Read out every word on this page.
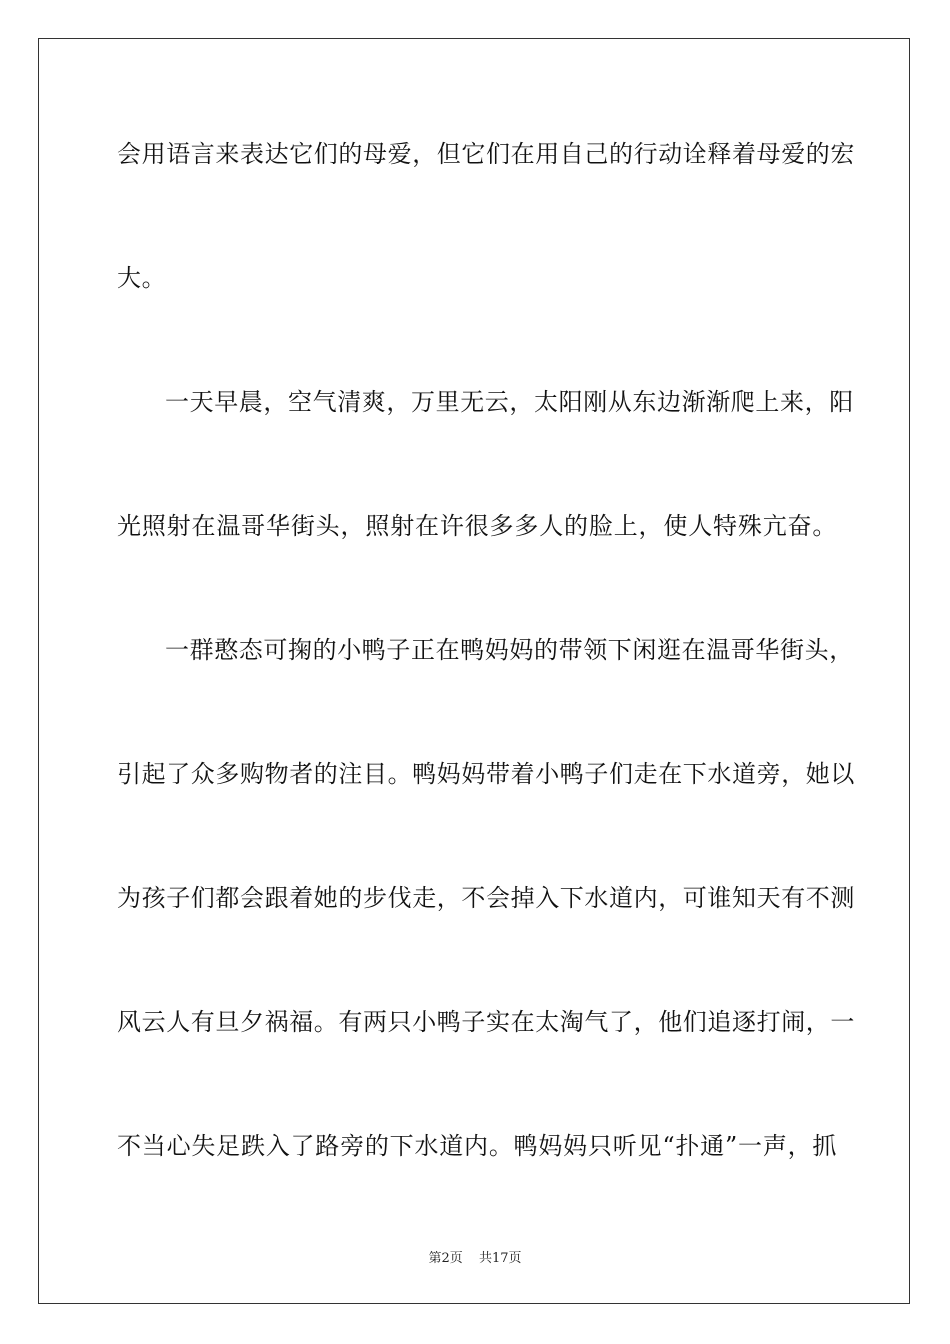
会用语言来表达它们的母爱，但它们在用自己的行动诠释着母爱的宏
大。
一天早晨，空气清爽，万里无云，太阳刚从东边渐渐爬上来，阳
光照射在温哥华街头，照射在许很多多人的脸上，使人特殊亢奋。
一群憨态可掬的小鸭子正在鸭妈妈的带领下闲逛在温哥华街头，
引起了众多购物者的注目。鸭妈妈带着小鸭子们走在下水道旁，她以
为孩子们都会跟着她的步伐走，不会掉入下水道内，可谁知天有不测
风云人有旦夕祸福。有两只小鸭子实在太淘气了，他们追逐打闹，一
不当心失足跌入了路旁的下水道内。鸭妈妈只听见“扑通”一声，抓
第2页 共17页
